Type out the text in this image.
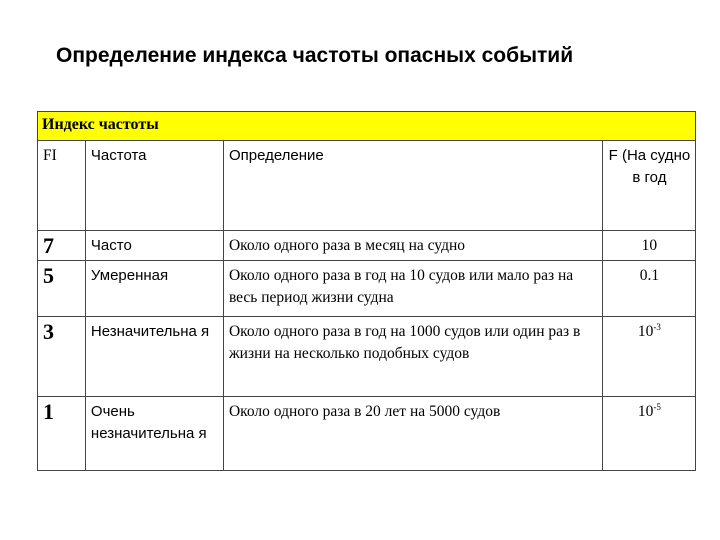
Определение индекса частоты опасных событий
Индекс частоты			
FI	Частота	Определение	F (На судно в год
7	Часто	Около одного раза в месяц на судно	10
5	Умеренная	Около одного раза в год на 10 судов или мало раз на весь период жизни судна	0.1
3	Незначительна я	Около одного раза в год на 1000 судов или один раз в жизни на несколько подобных судов	$10^{-3}$
1	Очень незначительна я	Около одного раза в 20 лет на 5000 судов	$10^{-5}$
